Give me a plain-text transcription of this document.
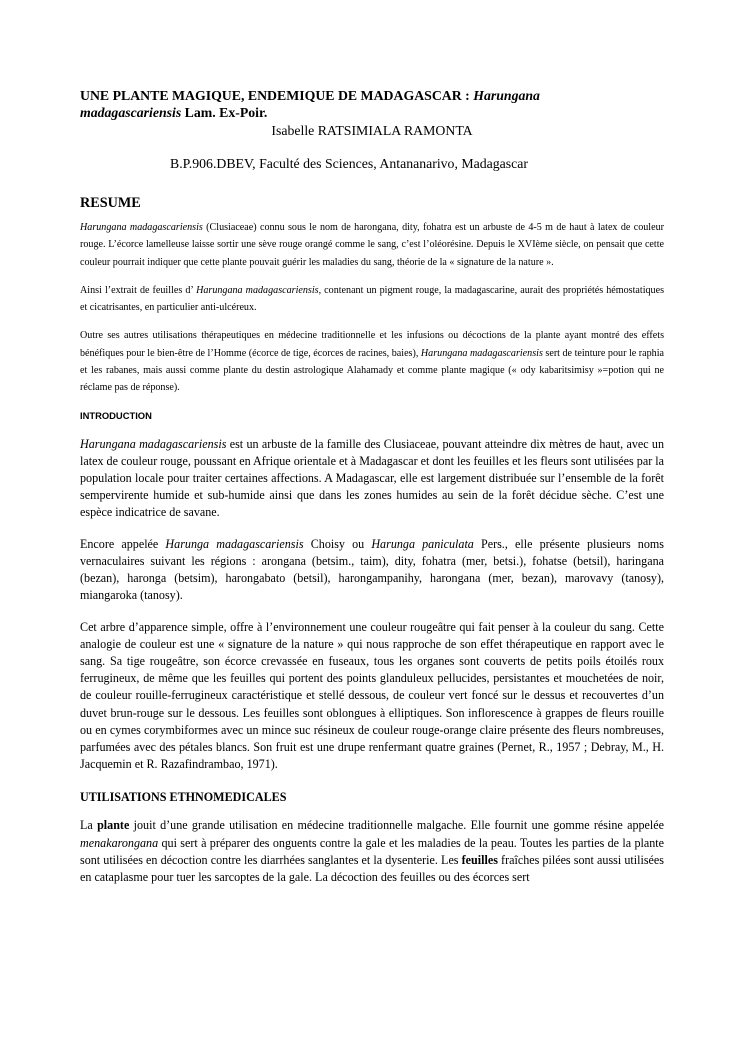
UNE PLANTE MAGIQUE, ENDEMIQUE DE MADAGASCAR : Harungana
madagascariensis Lam. Ex-Poir.

Isabelle RATSIMIALA RAMONTA

B.P.906.DBEV, Faculté des Sciences, Antananarivo, Madagascar

RESUME

Harungana madagascariensis (Clusiaceae) connu sous le nom de harongana, dity, fohatra est un arbuste de 4-5 m de haut à latex de couleur rouge. L’écorce lamelleuse laisse sortir une sève rouge orangé comme le sang, c’est l’oléorésine. Depuis le XVIème siècle, on pensait que cette couleur pourrait indiquer que cette plante pouvait guérir les maladies du sang, théorie de la « signature de la nature ».

Ainsi l’extrait de feuilles d’ Harungana madagascariensis, contenant un pigment rouge, la madagascarine, aurait des propriétés hémostatiques et cicatrisantes, en particulier anti-ulcéreux.

Outre ses autres utilisations thérapeutiques en médecine traditionnelle et les infusions ou décoctions de la plante ayant montré des effets bénéfiques pour le bien-être de l’Homme (écorce de tige, écorces de racines, baies), Harungana madagascariensis sert de teinture pour le raphia et les rabanes, mais aussi comme plante du destin astrologique Alahamady et comme plante magique (« ody kabaritsimisy »=potion qui ne réclame pas de réponse).

INTRODUCTION

Harungana madagascariensis est un arbuste de la famille des Clusiaceae, pouvant atteindre dix mètres de haut, avec un latex de couleur rouge, poussant en Afrique orientale et à Madagascar et dont les feuilles et les fleurs sont utilisées par la population locale pour traiter certaines affections. A Madagascar, elle est largement distribuée sur l’ensemble de la forêt sempervirente humide et sub-humide ainsi que dans les zones humides au sein de la forêt décidue sèche. C’est une espèce indicatrice de savane.

Encore appelée Harunga madagascariensis Choisy ou Harunga paniculata Pers., elle présente plusieurs noms vernaculaires suivant les régions : arongana (betsim., taim), dity, fohatra (mer, betsi.), fohatse (betsil), haringana (bezan), haronga (betsim), harongabato (betsil), harongampanihy, harongana (mer, bezan), marovavy (tanosy), miangaroka (tanosy).

Cet arbre d’apparence simple, offre à l’environnement une couleur rougeâtre qui fait penser à la couleur du sang. Cette analogie de couleur est une « signature de la nature » qui nous rapproche de son effet thérapeutique en rapport avec le sang. Sa tige rougeâtre, son écorce crevassée en fuseaux, tous les organes sont couverts de petits poils étoilés roux ferrugineux, de même que les feuilles qui portent des points glanduleux pellucides, persistantes et mouchetées de noir, de couleur rouille-ferrugineux caractéristique et stellé dessous, de couleur vert foncé sur le dessus et recouvertes d’un duvet brun-rouge sur le dessous. Les feuilles sont oblongues à elliptiques. Son inflorescence à grappes de fleurs rouille ou en cymes corymbiformes avec un mince suc résineux de couleur rouge-orange claire présente des fleurs nombreuses, parfumées avec des pétales blancs. Son fruit est une drupe renfermant quatre graines (Pernet, R., 1957 ; Debray, M., H. Jacquemin et R. Razafindrambao, 1971).

UTILISATIONS ETHNOMEDICALES

La plante jouit d’une grande utilisation en médecine traditionnelle malgache. Elle fournit une gomme résine appelée menakarongana qui sert à préparer des onguents contre la gale et les maladies de la peau. Toutes les parties de la plante sont utilisées en décoction contre les diarrhées sanglantes et la dysenterie. Les feuilles fraîches pilées sont aussi utilisées en cataplasme pour tuer les sarcoptes de la gale. La décoction des feuilles ou des écorces sert
